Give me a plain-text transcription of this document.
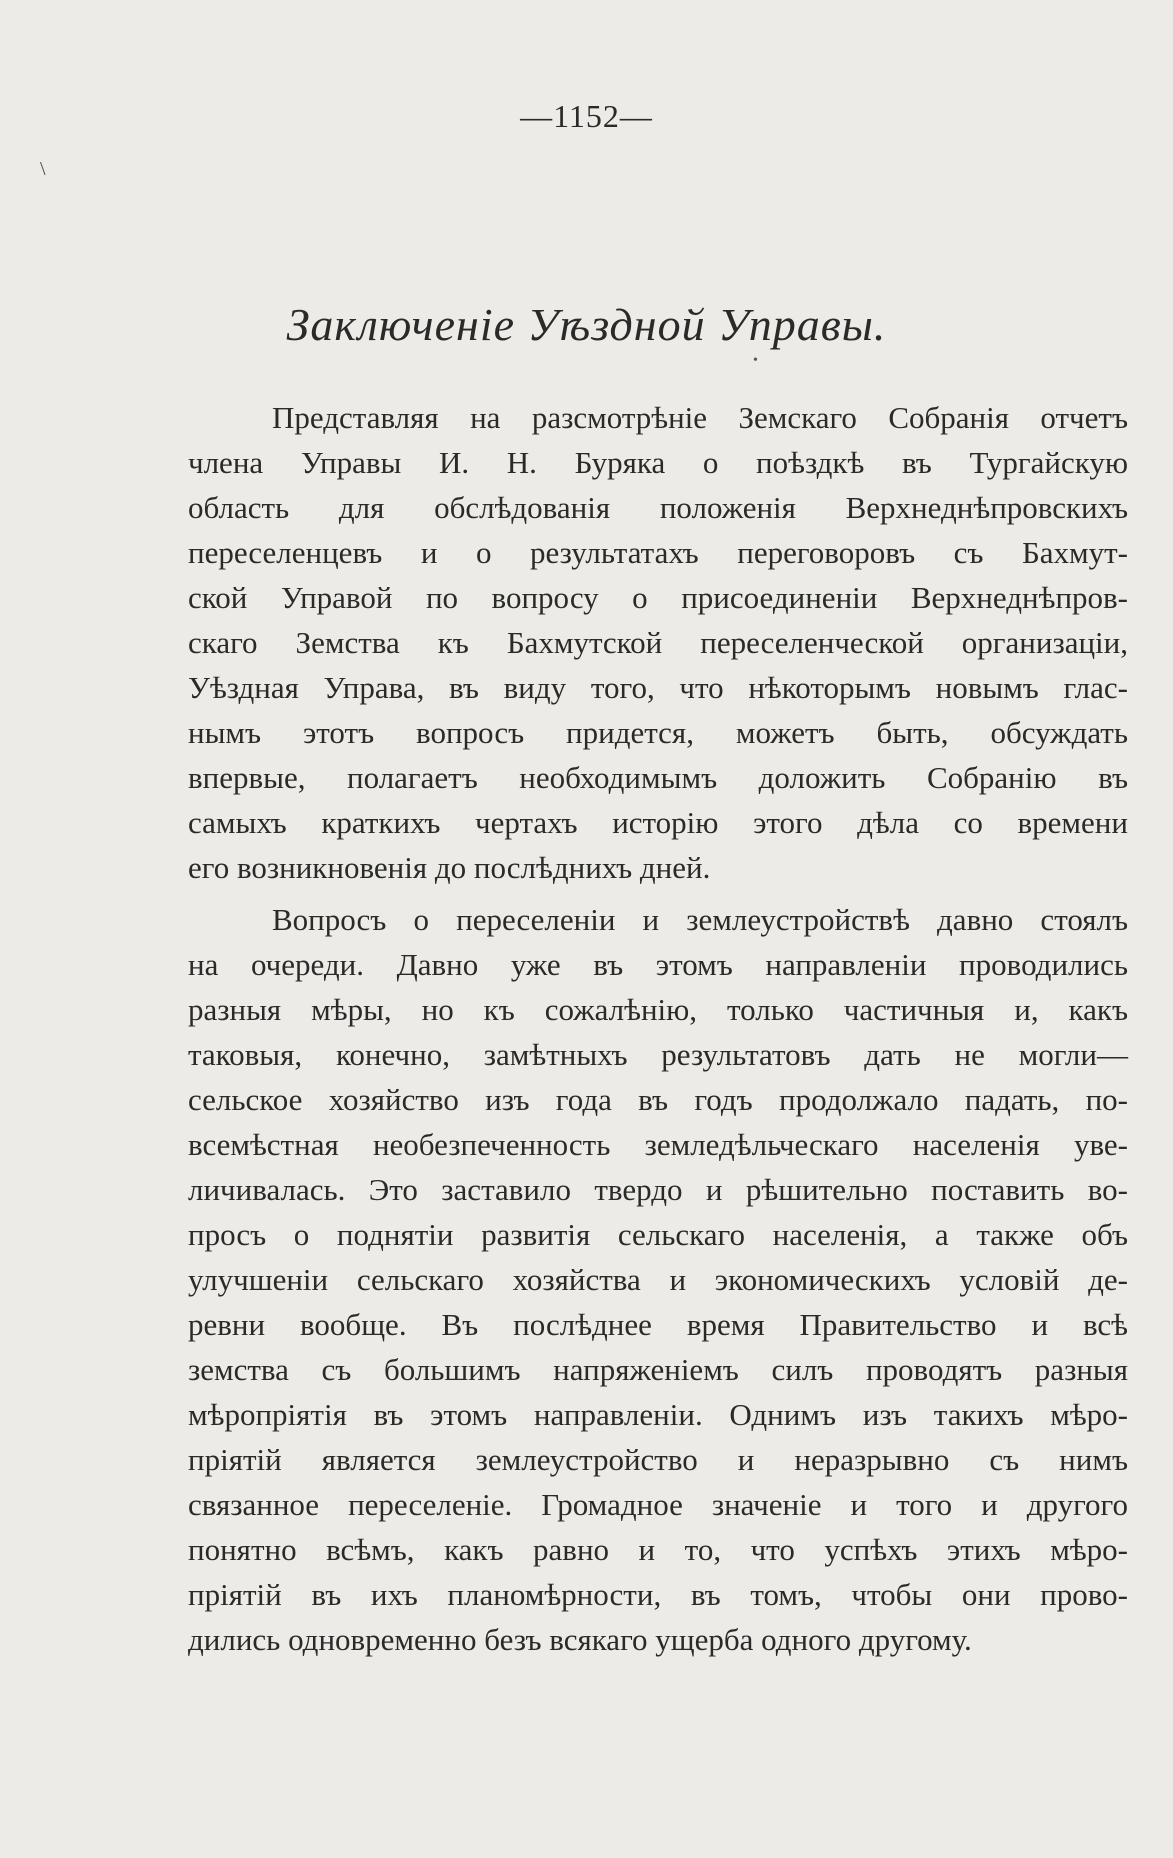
—1152—
\
Заключеніе Уѣздной Управы.
•

Представляя на разсмотрѣніе Земскаго Собранія отчетъ
члена Управы И. Н. Буряка о поѣздкѣ въ Тургайскую
область для обслѣдованія положенія Верхнеднѣпровскихъ
переселенцевъ и о результатахъ переговоровъ съ Бахмут-
ской Управой по вопросу о присоединеніи Верхнеднѣпров-
скаго Земства къ Бахмутской переселенческой организаціи,
Уѣздная Управа, въ виду того, что нѣкоторымъ новымъ глас-
нымъ этотъ вопросъ придется, можетъ быть, обсуждать
впервые, полагаетъ необходимымъ доложить Собранію въ
самыхъ краткихъ чертахъ исторію этого дѣла со времени
его возникновенія до послѣднихъ дней.

Вопросъ о переселеніи и землеустройствѣ давно стоялъ
на очереди. Давно уже въ этомъ направленіи проводились
разныя мѣры, но къ сожалѣнію, только частичныя и, какъ
таковыя, конечно, замѣтныхъ результатовъ дать не могли—
сельское хозяйство изъ года въ годъ продолжало падать, по-
всемѣстная необезпеченность земледѣльческаго населенія уве-
личивалась. Это заставило твердо и рѣшительно поставить во-
просъ о поднятіи развитія сельскаго населенія, а также объ
улучшеніи сельскаго хозяйства и экономическихъ условій де-
ревни вообще. Въ послѣднее время Правительство и всѣ
земства съ большимъ напряженіемъ силъ проводятъ разныя
мѣропріятія въ этомъ направленіи. Однимъ изъ такихъ мѣро-
пріятій является землеустройство и неразрывно съ нимъ
связанное переселеніе. Громадное значеніе и того и другого
понятно всѣмъ, какъ равно и то, что успѣхъ этихъ мѣро-
пріятій въ ихъ планомѣрности, въ томъ, чтобы они прово-
дились одновременно безъ всякаго ущерба одного другому.
